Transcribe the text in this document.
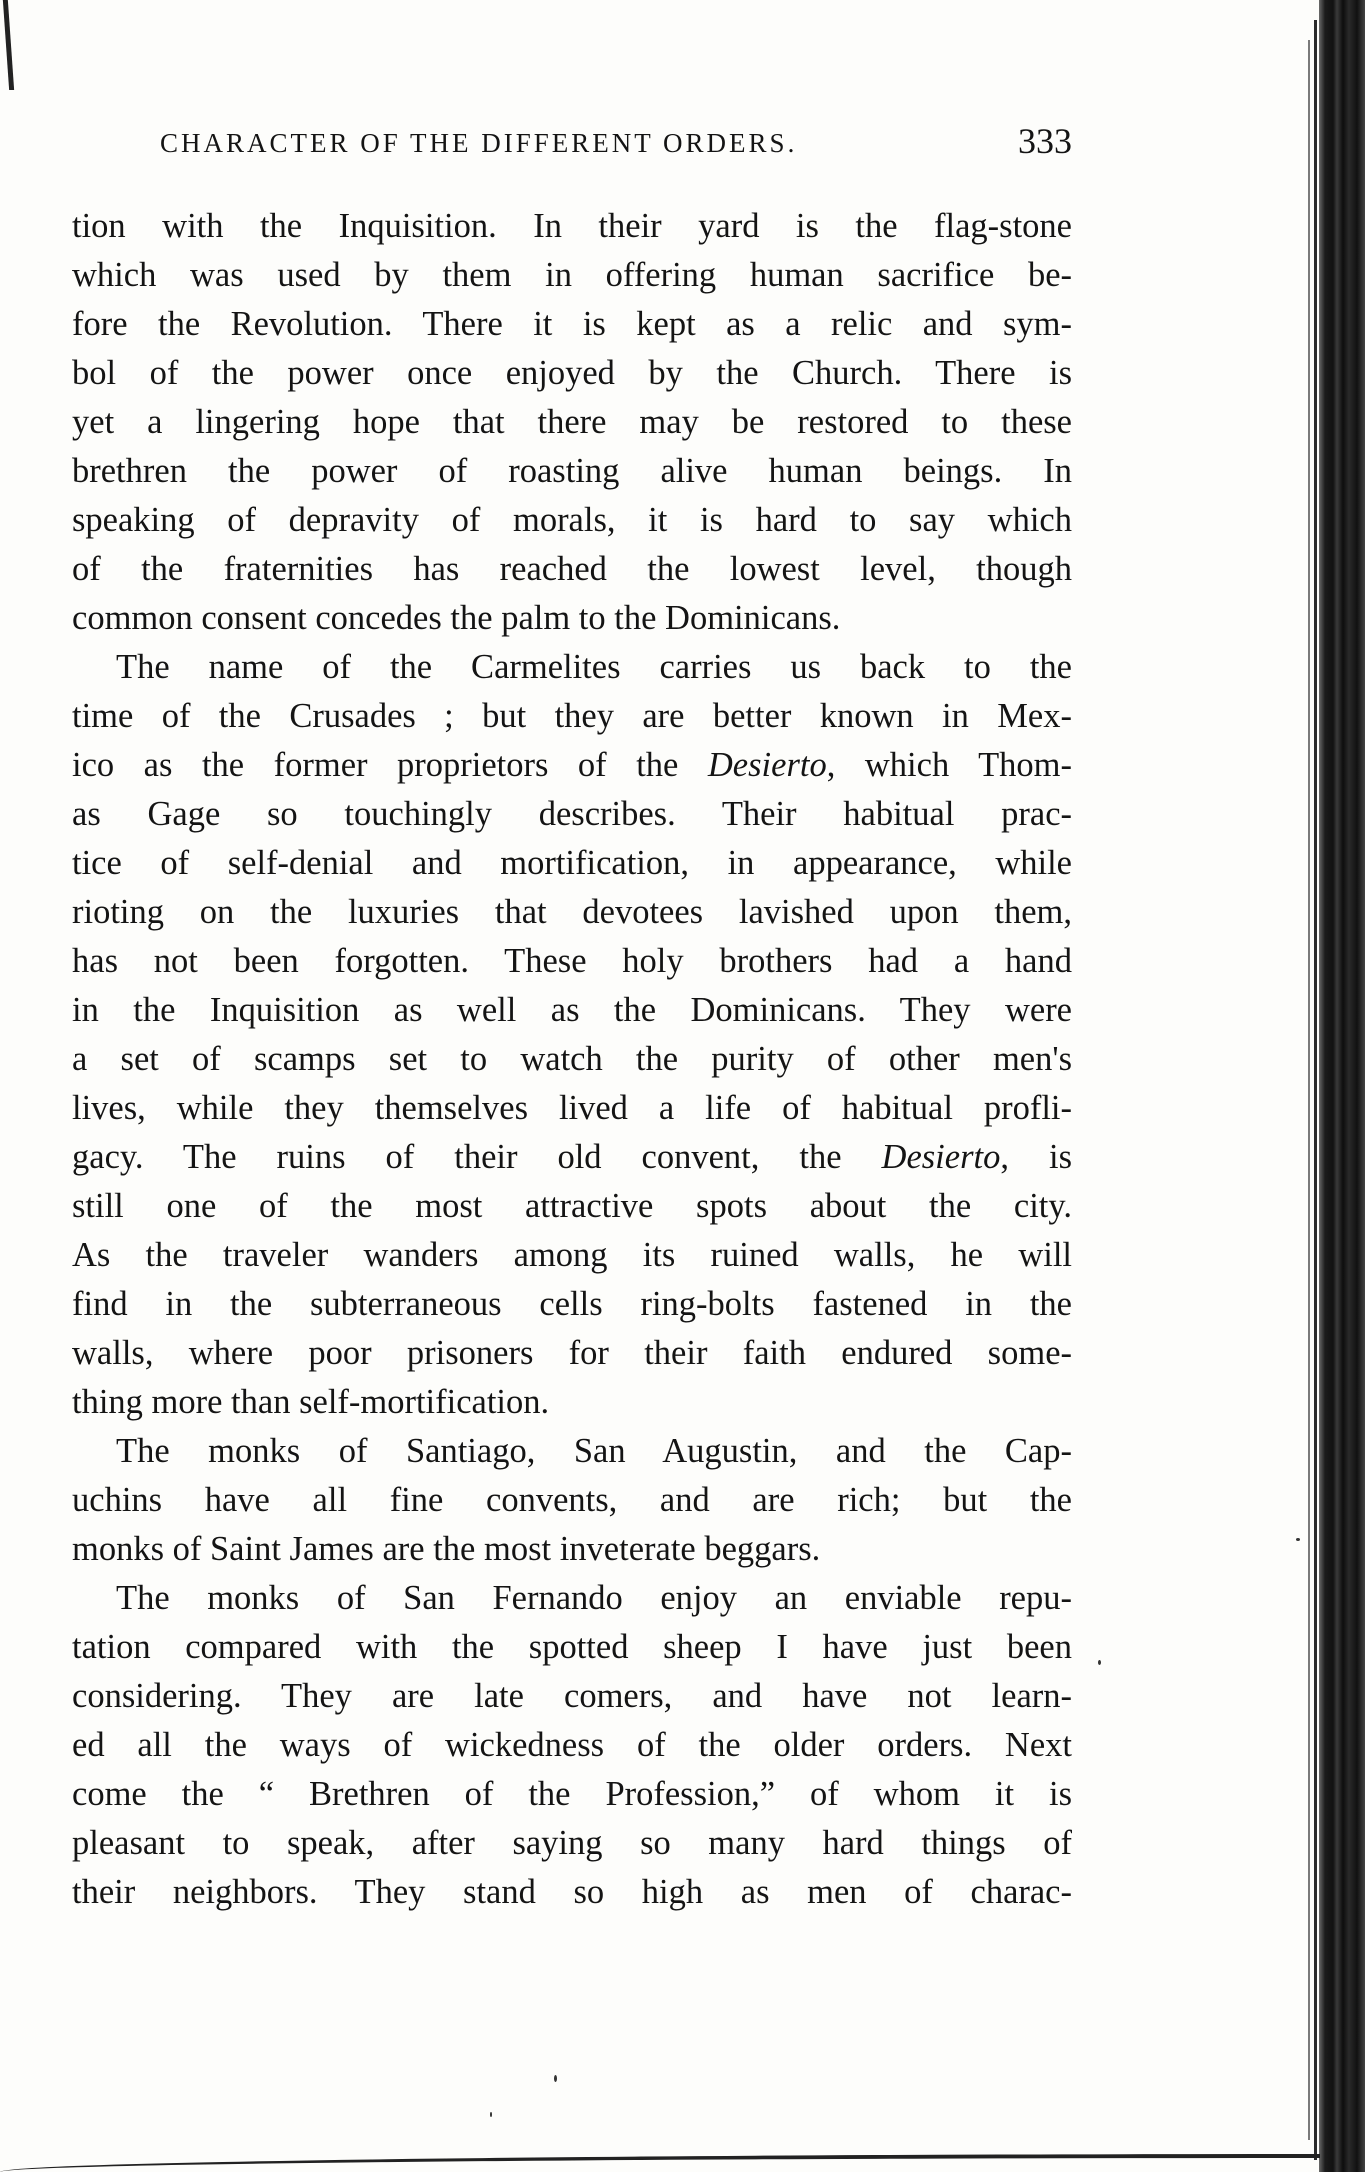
CHARACTER OF THE DIFFERENT ORDERS.	333
tion with the Inquisition. In their yard is the flag-stone
which was used by them in offering human sacrifice be-
fore the Revolution. There it is kept as a relic and sym-
bol of the power once enjoyed by the Church. There is
yet a lingering hope that there may be restored to these
brethren the power of roasting alive human beings. In
speaking of depravity of morals, it is hard to say which
of the fraternities has reached the lowest level, though
common consent concedes the palm to the Dominicans.
The name of the Carmelites carries us back to the
time of the Crusades ; but they are better known in Mex-
ico as the former proprietors of the Desierto, which Thom-
as Gage so touchingly describes. Their habitual prac-
tice of self-denial and mortification, in appearance, while
rioting on the luxuries that devotees lavished upon them,
has not been forgotten. These holy brothers had a hand
in the Inquisition as well as the Dominicans. They were
a set of scamps set to watch the purity of other men's
lives, while they themselves lived a life of habitual profli-
gacy. The ruins of their old convent, the Desierto, is
still one of the most attractive spots about the city.
As the traveler wanders among its ruined walls, he will
find in the subterraneous cells ring-bolts fastened in the
walls, where poor prisoners for their faith endured some-
thing more than self-mortification.
The monks of Santiago, San Augustin, and the Cap-
uchins have all fine convents, and are rich; but the
monks of Saint James are the most inveterate beggars.
The monks of San Fernando enjoy an enviable repu-
tation compared with the spotted sheep I have just been
considering. They are late comers, and have not learn-
ed all the ways of wickedness of the older orders. Next
come the “ Brethren of the Profession,” of whom it is
pleasant to speak, after saying so many hard things of
their neighbors. They stand so high as men of charac-
